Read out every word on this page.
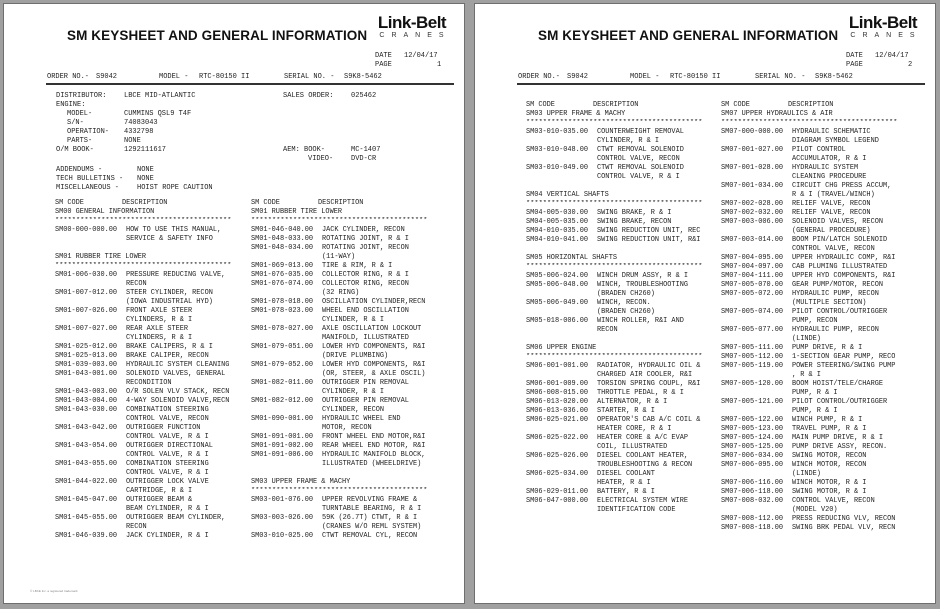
SM KEYSHEET AND GENERAL INFORMATION
Link-Belt
CRANES
DATE 12/04/17
PAGE	1
ORDER NO.- S9042	MODEL - RTC-80150 II	SERIAL NO. - S9K8-5462
DISTRIBUTOR:	LBCE MID-ATLANTIC	SALES ORDER:	025462
ENGINE:
MODEL-	CUMMINS QSL9 T4F
S/N-	74083043
OPERATION- 4332798
PARTS-	NONE
O/M BOOK-	1292111617	AEM: BOOK-	MC-1407
VIDEO-	DVD-CR
ADDENDUMS -	NONE
TECH BULLETINS - NONE
MISCELLANEOUS -	HOIST ROPE CAUTION
SM CODE	DESCRIPTION
SM00 GENERAL INFORMATION
******************************************
SM00-000-000.00	HOW TO USE THIS MANUAL,
SERVICE & SAFETY INFO
SM01 RUBBER TIRE LOWER
******************************************
SM01-006-030.00	PRESSURE REDUCING VALVE,
RECON
SM01-007-012.00	STEER CYLINDER, RECON
(IOWA INDUSTRIAL HYD)
SM01-007-026.00	FRONT AXLE STEER
CYLINDERS, R & I
SM01-007-027.00	REAR AXLE STEER
CYLINDERS, R & I
SM01-025-012.00	BRAKE CALIPERS, R & I
SM01-025-013.00	BRAKE CALIPER, RECON
SM01-039-003.00	HYDRAULIC SYSTEM CLEANING
SM01-043-001.00	SOLENOID VALVES, GENERAL
RECONDITION
SM01-043-003.00	O/R SOLEN VLV STACK, RECN
SM01-043-004.00	4-WAY SOLENOID VALVE,RECN
SM01-043-030.00	COMBINATION STEERING
CONTROL VALVE, RECON
SM01-043-042.00	OUTRIGGER FUNCTION
CONTROL VALVE, R & I
SM01-043-054.00	OUTRIGGER DIRECTIONAL
CONTROL VALVE, R & I
SM01-043-055.00	COMBINATION STEERING
CONTROL VALVE, R & I
SM01-044-022.00	OUTRIGGER LOCK VALVE
CARTRIDGE, R & I
SM01-045-047.00	OUTRIGGER BEAM &
BEAM CYLINDER, R & I
SM01-045-055.00	OUTRIGGER BEAM CYLINDER,
RECON
SM01-046-039.00	JACK CYLINDER, R & I
SM CODE	DESCRIPTION
SM01 RUBBER TIRE LOWER
******************************************
SM01-046-040.00	JACK CYLINDER, RECON
SM01-048-033.00	ROTATING JOINT, R & I
SM01-048-034.00	ROTATING JOINT, RECON
(11-WAY)
SM01-069-013.00	TIRE & RIM, R & I
SM01-076-035.00	COLLECTOR RING, R & I
SM01-076-074.00	COLLECTOR RING, RECON
(32 RING)
SM01-078-018.00	OSCILLATION CYLINDER,RECN
SM01-078-023.00	WHEEL END OSCILLATION
CYLINDER, R & I
SM01-078-027.00	AXLE OSCILLATION LOCKOUT
MANIFOLD, ILLUSTRATED
SM01-079-051.00	LOWER HYD COMPONENTS, R&I
(DRIVE PLUMBING)
SM01-079-052.00	LOWER HYD COMPONENTS, R&I
(OR, STEER, & AXLE OSCIL)
SM01-082-011.00	OUTRIGGER PIN REMOVAL
CYLINDER, R & I
SM01-082-012.00	OUTRIGGER PIN REMOVAL
CYLINDER, RECON
SM01-090-001.00	HYDRAULIC WHEEL END
MOTOR, RECON
SM01-091-001.00	FRONT WHEEL END MOTOR,R&I
SM01-091-002.00	REAR WHEEL END MOTOR, R&I
SM01-091-006.00	HYDRAULIC MANIFOLD BLOCK,
ILLUSTRATED (WHEELDRIVE)
SM03 UPPER FRAME & MACHY
******************************************
SM03-001-076.00	UPPER REVOLVING FRAME &
TURNTABLE BEARING, R & I
SM03-003-026.00	59K (26.7T) CTWT, R & I
(CRANES W/O REML SYSTEM)
SM03-010-025.00	CTWT REMOVAL CYL, RECON
© LBCE Inc. a registered trademark
SM KEYSHEET AND GENERAL INFORMATION
Link-Belt
CRANES
DATE 12/04/17
PAGE	2
ORDER NO.- S9042	MODEL - RTC-80150 II	SERIAL NO. - S9K8-5462
SM CODE	DESCRIPTION
SM03 UPPER FRAME & MACHY
******************************************
SM03-010-035.00	COUNTERWEIGHT REMOVAL
CYLINDER, R & I
SM03-010-048.00	CTWT REMOVAL SOLENOID
CONTROL VALVE, RECON
SM03-010-049.00	CTWT REMOVAL SOLENOID
CONTROL VALVE, R & I
SM04 VERTICAL SHAFTS
******************************************
SM04-005-030.00	SWING BRAKE, R & I
SM04-005-035.00	SWING BRAKE, RECON
SM04-010-035.00	SWING REDUCTION UNIT, REC
SM04-010-041.00	SWING REDUCTION UNIT, R&I
SM05 HORIZONTAL SHAFTS
******************************************
SM05-006-024.00	WINCH DRUM ASSY, R & I
SM05-006-048.00	WINCH, TROUBLESHOOTING
(BRADEN CH260)
SM05-006-049.00	WINCH, RECON.
(BRADEN CH260)
SM05-018-006.00	WINCH ROLLER, R&I AND
RECON
SM06 UPPER ENGINE
******************************************
SM06-001-001.00	RADIATOR, HYDRAULIC OIL &
CHARGED AIR COOLER, R&I
SM06-001-009.00	TORSION SPRING COUPL, R&I
SM06-008-015.00	THROTTLE PEDAL, R & I
SM06-013-020.00	ALTERNATOR, R & I
SM06-013-036.00	STARTER, R & I
SM06-025-021.00	OPERATOR'S CAB A/C COIL &
HEATER CORE, R & I
SM06-025-022.00	HEATER CORE & A/C EVAP
COIL, ILLUSTRATED
SM06-025-026.00	DIESEL COOLANT HEATER,
TROUBLESHOOTING & RECON
SM06-025-034.00	DIESEL COOLANT
HEATER, R & I
SM06-029-011.00	BATTERY, R & I
SM06-047-000.00	ELECTRICAL SYSTEM WIRE
IDENTIFICATION CODE
SM CODE	DESCRIPTION
SM07 UPPER HYDRAULICS & AIR
******************************************
SM07-000-000.00	HYDRAULIC SCHEMATIC
DIAGRAM SYMBOL LEGEND
SM07-001-027.00	PILOT CONTROL
ACCUMULATOR, R & I
SM07-001-028.00	HYDRAULIC SYSTEM
CLEANING PROCEDURE
SM07-001-034.00	CIRCUIT CHG PRESS ACCUM,
R & I (TRAVEL/WINCH)
SM07-002-028.00	RELIEF VALVE, RECON
SM07-002-032.00	RELIEF VALVE, RECON
SM07-003-006.00	SOLENOID VALVES, RECON
(GENERAL PROCEDURE)
SM07-003-014.00	BOOM PIN/LATCH SOLENOID
CONTROL VALVE, RECON
SM07-004-095.00	UPPER HYDRAULIC COMP, R&I
SM07-004-097.00	CAB PLUMING ILLUSTRATED
SM07-004-111.00	UPPER HYD COMPONENTS, R&I
SM07-005-070.00	GEAR PUMP/MOTOR, RECON
SM07-005-072.00	HYDRAULIC PUMP, RECON
(MULTIPLE SECTION)
SM07-005-074.00	PILOT CONTROL/OUTRIGGER
PUMP, RECON
SM07-005-077.00	HYDRAULIC PUMP, RECON
(LINDE)
SM07-005-111.00	PUMP DRIVE, R & I
SM07-005-112.00	1-SECTION GEAR PUMP, RECO
SM07-005-119.00	POWER STEERING/SWING PUMP
, R & I
SM07-005-120.00	BOOM HOIST/TELE/CHARGE
PUMP, R & I
SM07-005-121.00	PILOT CONTROL/OUTRIGGER
PUMP, R & I
SM07-005-122.00	WINCH PUMP, R & I
SM07-005-123.00	TRAVEL PUMP, R & I
SM07-005-124.00	MAIN PUMP DRIVE, R & I
SM07-005-125.00	PUMP DRIVE ASSY, RECON.
SM07-006-034.00	SWING MOTOR, RECON
SM07-006-095.00	WINCH MOTOR, RECON
(LINDE)
SM07-006-116.00	WINCH MOTOR, R & I
SM07-006-118.00	SWING MOTOR, R & I
SM07-008-032.00	CONTROL VALVE, RECON
(MODEL V20)
SM07-008-112.00	PRESS REDUCING VLV, RECON
SM07-008-118.00	SWING BRK PEDAL VLV, RECN
